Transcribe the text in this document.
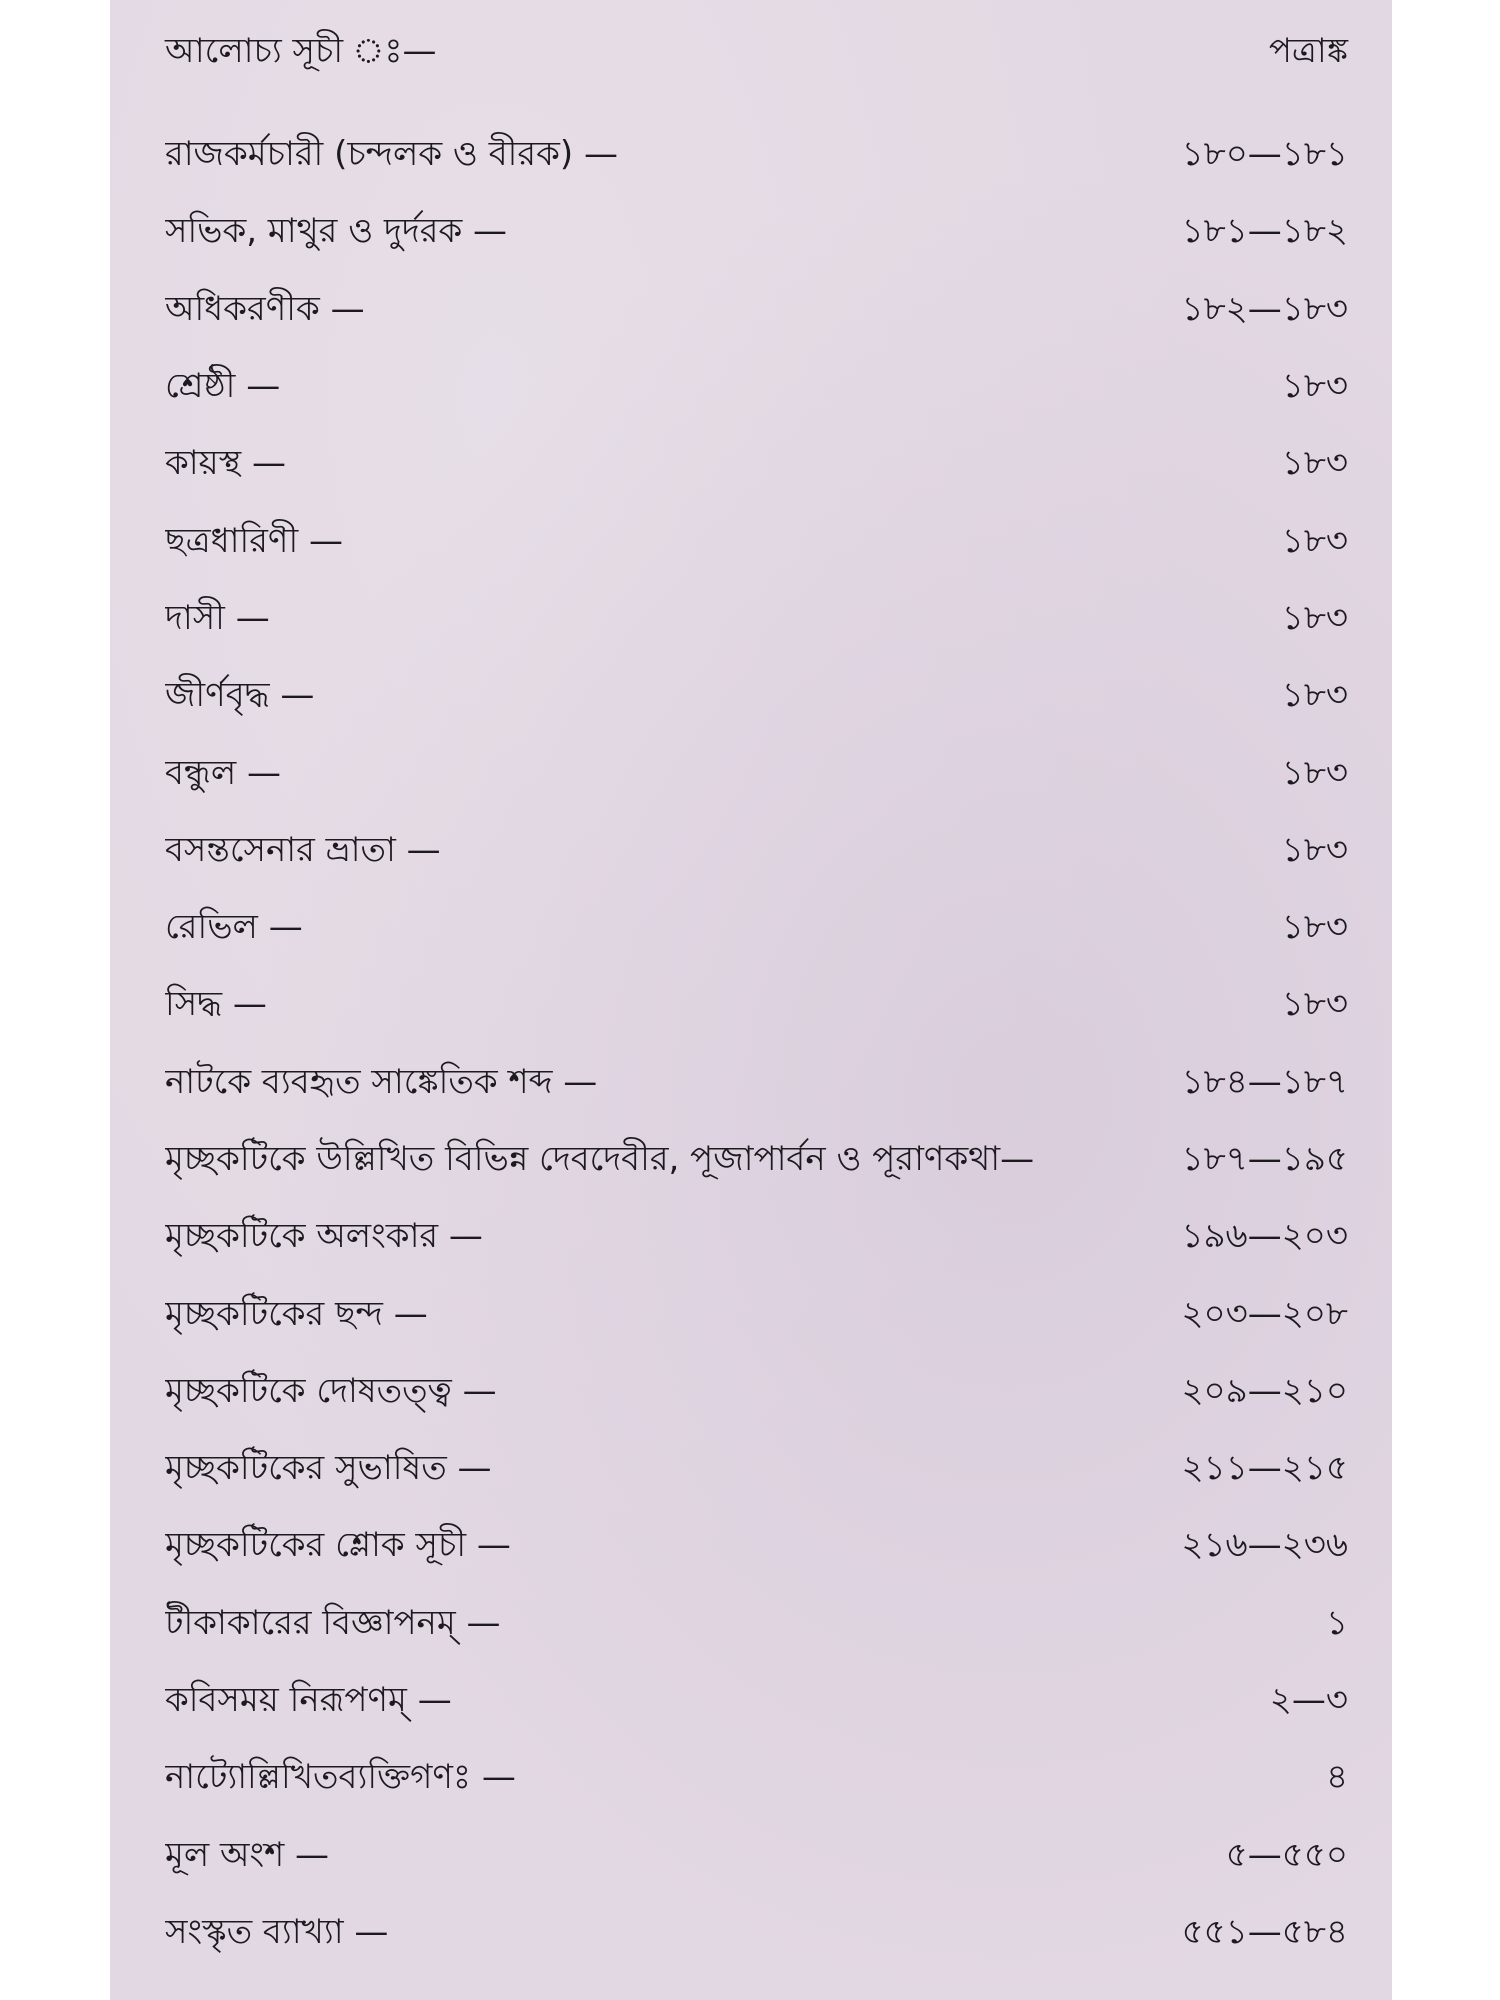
আলোচ্য সূচী ঃ—	পত্রাঙ্ক
রাজকর্মচারী (চন্দলক ও বীরক) —	১৮০—১৮১
সভিক, মাথুর ও দুর্দরক —	১৮১—১৮২
অধিকরণীক —	১৮২—১৮৩
শ্রেষ্ঠী —	১৮৩
কায়স্থ —	১৮৩
ছত্রধারিণী —	১৮৩
দাসী —	১৮৩
জীর্ণবৃদ্ধ —	১৮৩
বন্ধুল —	১৮৩
বসন্তসেনার ভ্রাতা —	১৮৩
রেভিল —	১৮৩
সিদ্ধ —	১৮৩
নাটকে ব্যবহৃত সাঙ্কেতিক শব্দ —	১৮৪—১৮৭
মৃচ্ছকটিকে উল্লিখিত বিভিন্ন দেবদেবীর, পূজাপার্বন ও পূরাণকথা—	১৮৭—১৯৫
মৃচ্ছকটিকে অলংকার —	১৯৬—২০৩
মৃচ্ছকটিকের ছন্দ —	২০৩—২০৮
মৃচ্ছকটিকে দোষতত্ত্ব —	২০৯—২১০
মৃচ্ছকটিকের সুভাষিত —	২১১—২১৫
মৃচ্ছকটিকের শ্লোক সূচী —	২১৬—২৩৬
টীকাকারের বিজ্ঞাপনম্ —	১
কবিসময় নিরূপণম্ —	২—৩
নাট্যোল্লিখিতব্যক্তিগণঃ —	৪
মূল অংশ —	৫—৫৫০
সংস্কৃত ব্যাখ্যা —	৫৫১—৫৮৪
